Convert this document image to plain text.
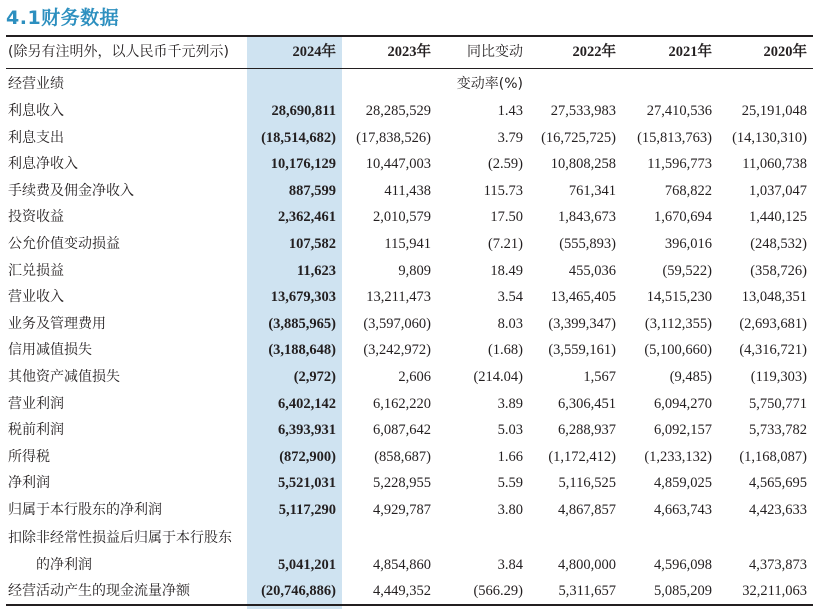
4.1财务数据
(除另有注明外，以人民币千元列示)	2024年	2023年	同比变动	2022年	2021年	2020年
经营业绩	变动率(%)
利息收入	28,690,811 28,285,529	1.43 27,533,983 27,410,536 25,191,048
利息支出	(18,514,682) (17,838,526)	3.79 (16,725,725) (15,813,763) (14,130,310)
利息净收入	10,176,129 10,447,003	(2.59) 10,808,258 11,596,773 11,060,738
手续费及佣金净收入	887,599	411,438	115.73	761,341	768,822	1,037,047
投资收益	2,362,461	2,010,579	17.50 1,843,673	1,670,694	1,440,125
公允价值变动损益	107,582	115,941	(7.21) (555,893)	396,016	(248,532)
汇兑损益	11,623	9,809	18.49	455,036	(59,522)	(358,726)
营业收入	13,679,303 13,211,473	3.54 13,465,405 14,515,230 13,048,351
业务及管理费用	(3,885,965) (3,597,060)	8.03 (3,399,347) (3,112,355) (2,693,681)
信用减值损失	(3,188,648) (3,242,972)	(1.68) (3,559,161) (5,100,660) (4,316,721)
其他资产减值损失	(2,972)	2,606	(214.04)	1,567	(9,485)	(119,303)
营业利润	6,402,142	6,162,220	3.89 6,306,451	6,094,270	5,750,771
税前利润	6,393,931	6,087,642	5.03 6,288,937	6,092,157	5,733,782
所得税	(872,900)	(858,687)	1.66 (1,172,412) (1,233,132) (1,168,087)
净利润	5,521,031	5,228,955	5.59 5,116,525	4,859,025	4,565,695
归属于本行股东的净利润	5,117,290	4,929,787	3.80 4,867,857	4,663,743	4,423,633
扣除非经常性损益后归属于本行股东
的净利润	5,041,201	4,854,860	3.84 4,800,000	4,596,098	4,373,873
经营活动产生的现金流量净额	(20,746,886)	4,449,352	(566.29) 5,311,657	5,085,209 32,211,063
